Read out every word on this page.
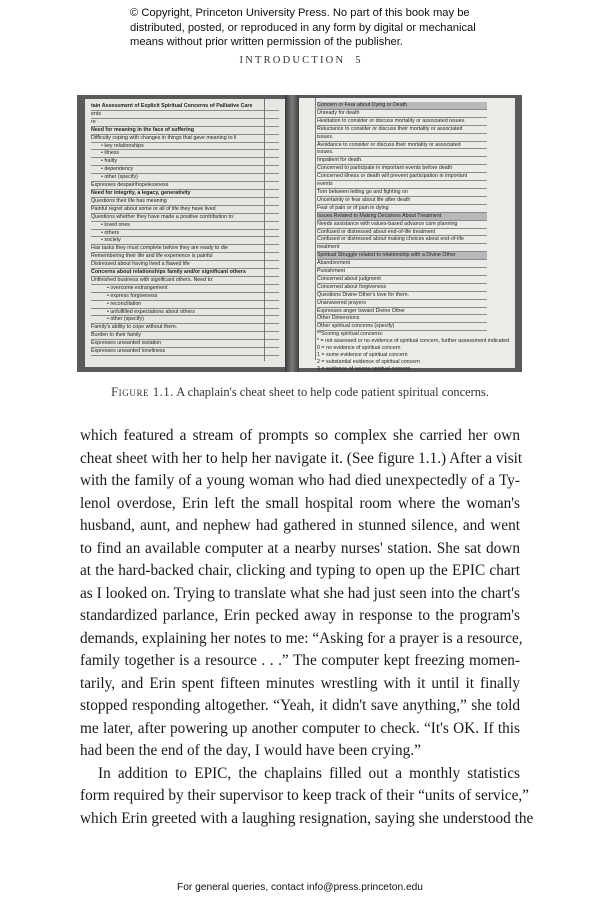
© Copyright, Princeton University Press. No part of this book may be
distributed, posted, or reproduced in any form by digital or mechanical
means without prior written permission of the publisher.
INTRODUCTION 5
tain Assessment of Explicit Spiritual Concerns of Palliative Care
ents
re
Need for meaning in the face of suffering
Difficulty coping with changes in things that gave meaning to li
• key relationships
• illness
• frailty
• dependency
• other (specify)
Expresses despair/hopelessness
Need for integrity, a legacy, generativity
Questions their life has meaning
Painful regret about some or all of life they have lived
Questions whether they have made a positive contribution to:
• loved ones
• others
• society
Has tasks they must complete before they are ready to die
Remembering their life and life experience is painful
Distressed about having lived a flawed life
Concerns about relationships family and/or significant others
Unfinished business with significant others. Need to:
• overcome estrangement
• express forgiveness
• reconciliation
• unfulfilled expectations about others
• other (specify)
Family's ability to cope without them.
Burden to their family
Expresses unwanted isolation
Expresses unwanted loneliness
Concern or Fear about Dying or Death
Unready for death
Hesitation to consider or discuss mortality or associated issues.
Reluctance to consider or discuss their mortality or associated
issues.
Avoidance to consider or discuss their mortality or associated
issues.
Impatient for death.
Concerned to participate in important events before death
Concerned illness or death will prevent participation in important
events
Torn between letting go and fighting on
Uncertainty or fear about life after death
Fear of pain or of pain in dying
Issues Related to Making Decisions About Treatment
Needs assistance with values-based advance care planning
Confused or distressed about end-of-life treatment
Confused or distressed about making choices about end-of-life
treatment
Spiritual Struggle related to relationship with a Divine Other
Abandonment
Punishment
Concerned about judgment
Concerned about forgiveness
Questions Divine Other's love for them.
Unanswered prayers
Expresses anger toward Divine Other
Other Dimensions
Other spiritual concerns (specify)
**Scoring spiritual concerns:
* = not assessed or no evidence of spiritual concern, further assessment indicated
0 = no evidence of spiritual concern
1 = some evidence of spiritual concern
2 = substantial evidence of spiritual concern
3 = evidence of severe spiritual concern
Figure 1.1. A chaplain's cheat sheet to help code patient spiritual concerns.

which featured a stream of prompts so complex she carried her own
cheat sheet with her to help her navigate it. (See figure 1.1.) After a visit
with the family of a young woman who had died unexpectedly of a Ty-
lenol overdose, Erin left the small hospital room where the woman's
husband, aunt, and nephew had gathered in stunned silence, and went
to find an available computer at a nearby nurses' station. She sat down
at the hard-backed chair, clicking and typing to open up the EPIC chart
as I looked on. Trying to translate what she had just seen into the chart's
standardized parlance, Erin pecked away in response to the program's
demands, explaining her notes to me: “Asking for a prayer is a resource,
family together is a resource . . .” The computer kept freezing momen-
tarily, and Erin spent fifteen minutes wrestling with it until it finally
stopped responding altogether. “Yeah, it didn't save anything,” she told
me later, after powering up another computer to check. “It's OK. If this
had been the end of the day, I would have been crying.”

In addition to EPIC, the chaplains filled out a monthly statistics
form required by their supervisor to keep track of their “units of service,”
which Erin greeted with a laughing resignation, saying she understood the

For general queries, contact info@press.princeton.edu
